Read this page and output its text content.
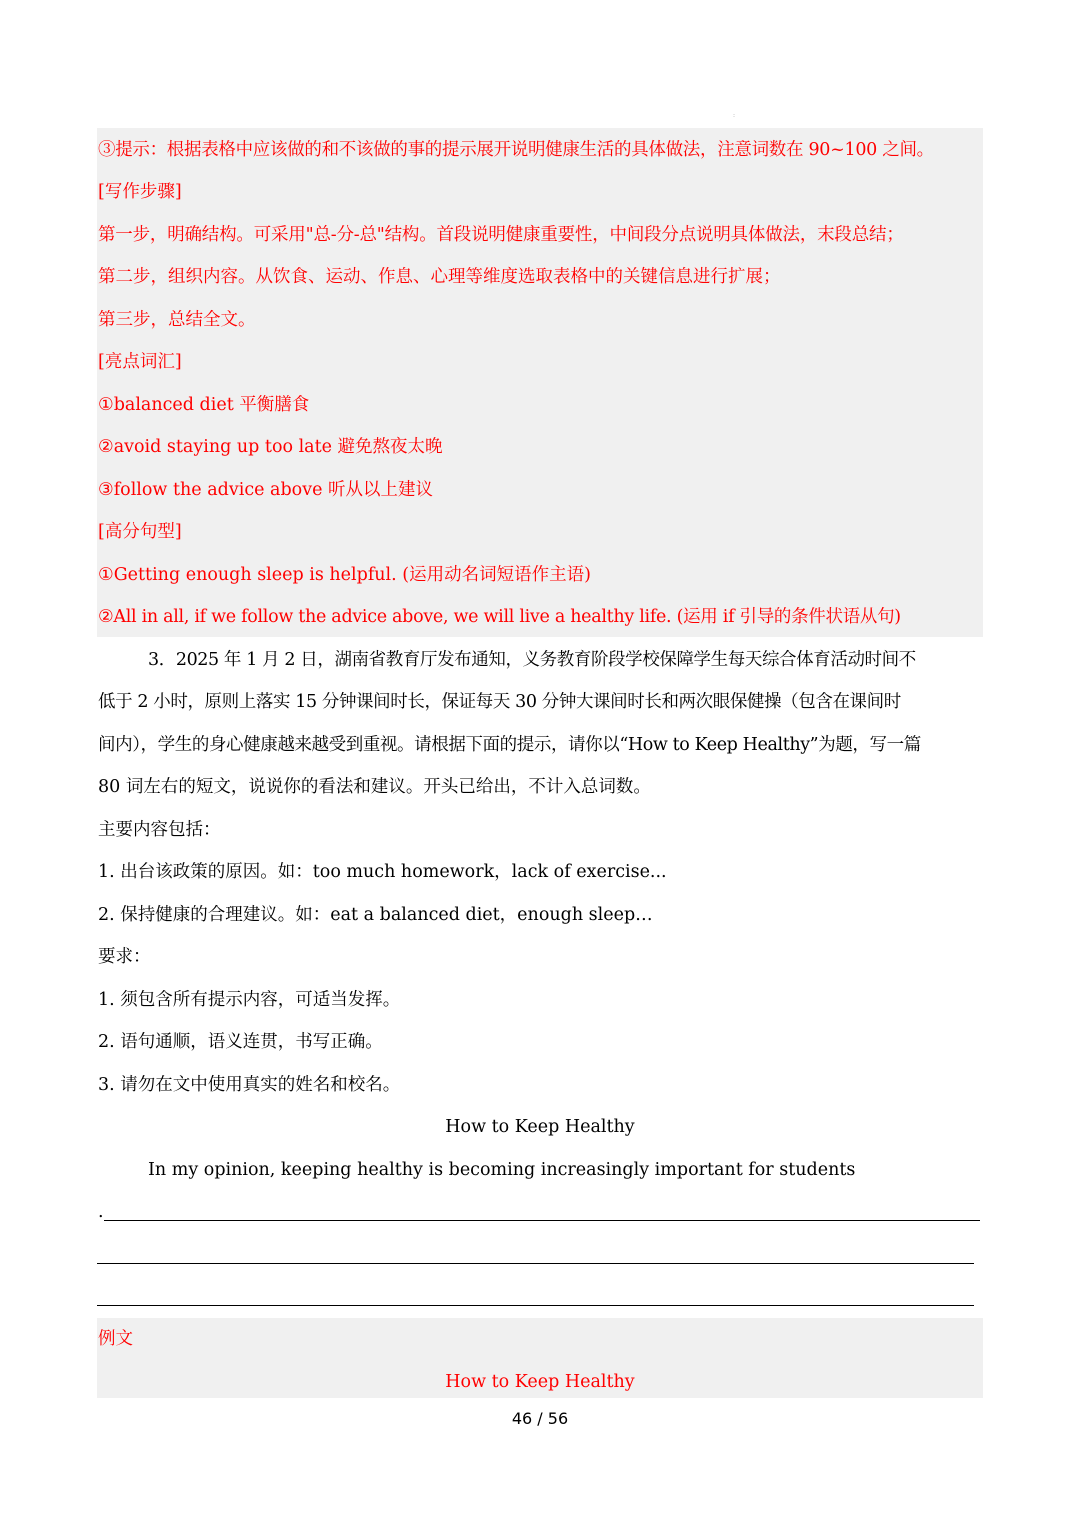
:
③提示：根据表格中应该做的和不该做的事的提示展开说明健康生活的具体做法，注意词数在 90~100 之间。
[写作步骤]
第一步，明确结构。可采用"总-分-总"结构。首段说明健康重要性，中间段分点说明具体做法，末段总结；
第二步，组织内容。从饮食、运动、作息、心理等维度选取表格中的关键信息进行扩展；
第三步，总结全文。
[亮点词汇]
①balanced diet 平衡膳食
②avoid staying up too late 避免熬夜太晚
③follow the advice above 听从以上建议
[高分句型]
①Getting enough sleep is helpful. (运用动名词短语作主语)
②All in all, if we follow the advice above, we will live a healthy life. (运用 if 引导的条件状语从句)
3．2025 年 1 月 2 日，湖南省教育厅发布通知，义务教育阶段学校保障学生每天综合体育活动时间不
低于 2 小时，原则上落实 15 分钟课间时长，保证每天 30 分钟大课间时长和两次眼保健操（包含在课间时
间内），学生的身心健康越来越受到重视。请根据下面的提示，请你以“How to Keep Healthy”为题，写一篇
80 词左右的短文，说说你的看法和建议。开头已给出，不计入总词数。
主要内容包括：
1. 出台该政策的原因。如：too much homework，lack of exercise...
2. 保持健康的合理建议。如：eat a balanced diet，enough sleep…
要求：
1. 须包含所有提示内容，可适当发挥。
2. 语句通顺，语义连贯，书写正确。
3. 请勿在文中使用真实的姓名和校名。
How to Keep Healthy
In my opinion, keeping healthy is becoming increasingly important for students
.
例文
How to Keep Healthy
46 / 56
